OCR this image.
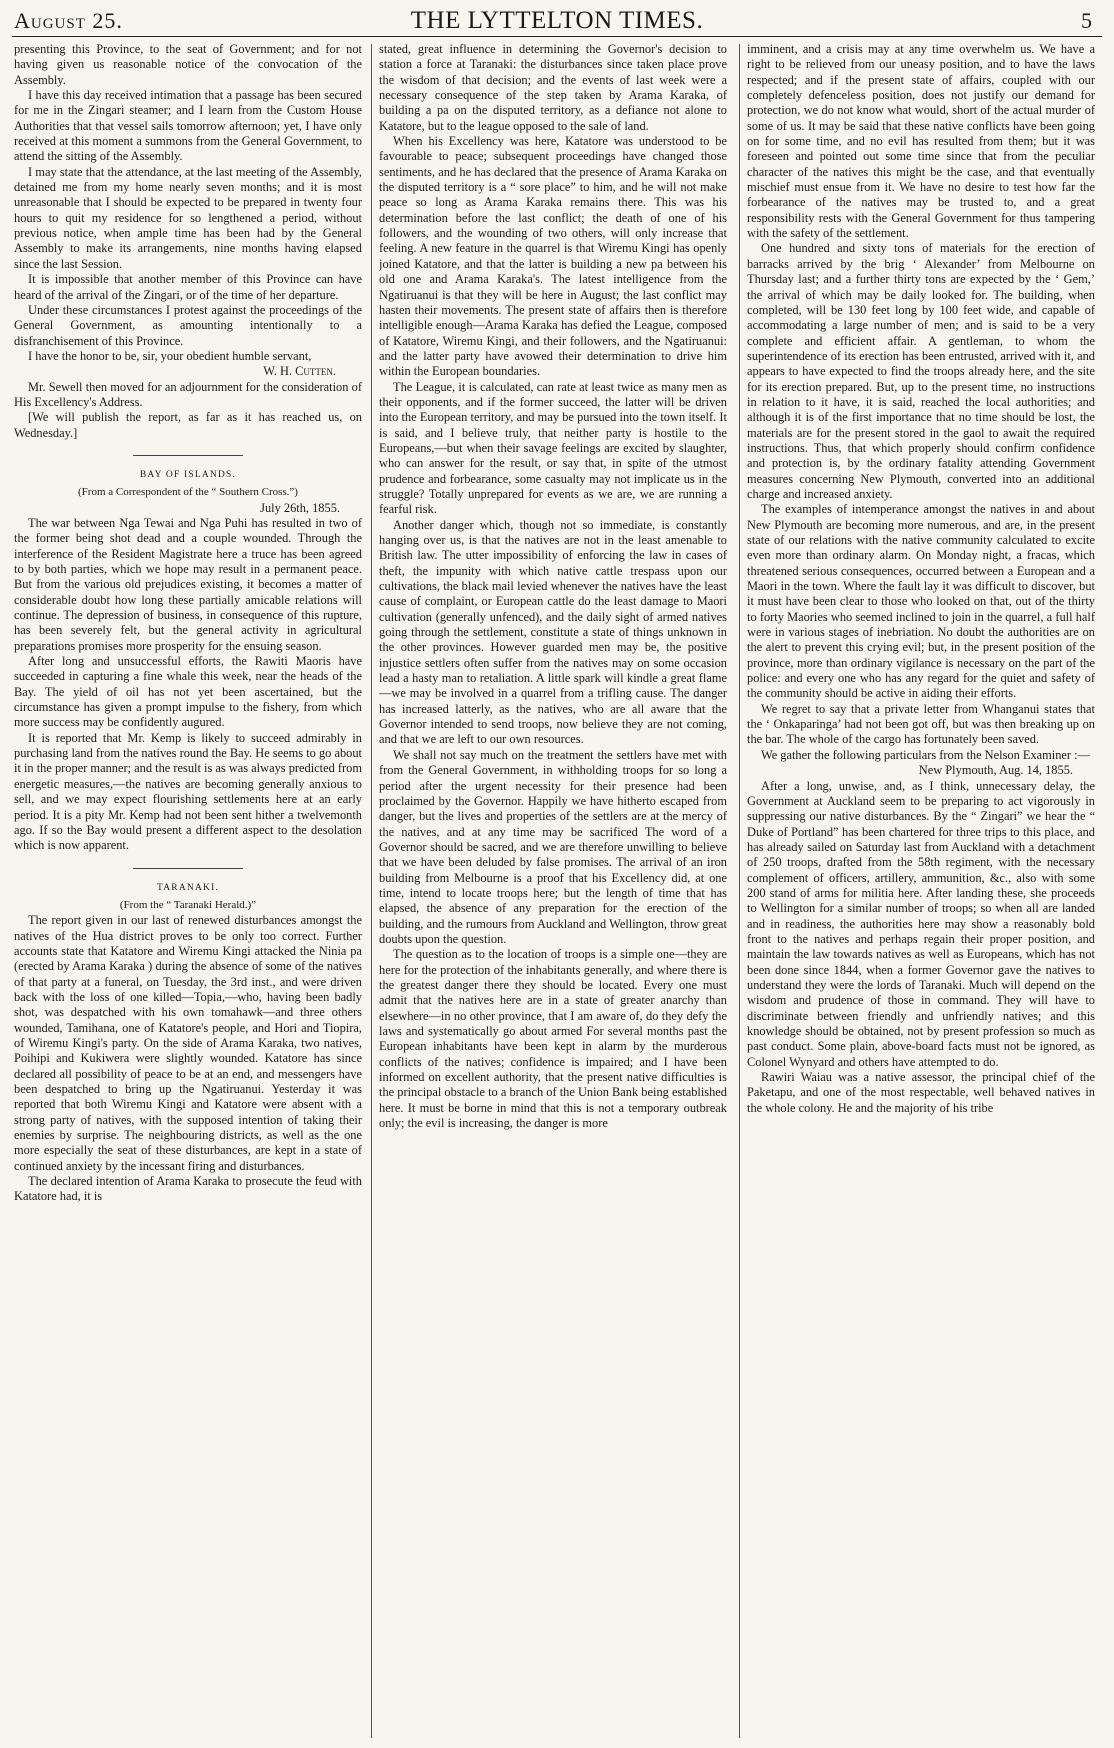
August 25.	THE LYTTELTON TIMES.	5

presenting this Province, to the seat of Government; and for not having given us reasonable notice of the convocation of the Assembly.

I have this day received intimation that a passage has been secured for me in the Zingari steamer; and I learn from the Custom House Authorities that that vessel sails tomorrow afternoon; yet, I have only received at this moment a summons from the General Government, to attend the sitting of the Assembly.

I may state that the attendance, at the last meeting of the Assembly, detained me from my home nearly seven months; and it is most unreasonable that I should be expected to be prepared in twenty four hours to quit my residence for so lengthened a period, without previous notice, when ample time has been had by the General Assembly to make its arrangements, nine months having elapsed since the last Session.

It is impossible that another member of this Province can have heard of the arrival of the Zingari, or of the time of her departure.

Under these circumstances I protest against the proceedings of the General Government, as amounting intentionally to a disfranchisement of this Province.

I have the honor to be, sir, your obedient humble servant,

W. H. Cutten.

Mr. Sewell then moved for an adjournment for the consideration of His Excellency's Address.

[We will publish the report, as far as it has reached us, on Wednesday.]

BAY OF ISLANDS.

(From a Correspondent of the “ Southern Cross.”)

July 26th, 1855.

The war between Nga Tewai and Nga Puhi has resulted in two of the former being shot dead and a couple wounded. Through the interference of the Resident Magistrate here a truce has been agreed to by both parties, which we hope may result in a permanent peace. But from the various old prejudices existing, it becomes a matter of considerable doubt how long these partially amicable relations will continue. The depression of business, in consequence of this rupture, has been severely felt, but the general activity in agricultural preparations promises more prosperity for the ensuing season.

After long and unsuccessful efforts, the Rawiti Maoris have succeeded in capturing a fine whale this week, near the heads of the Bay. The yield of oil has not yet been ascertained, but the circumstance has given a prompt impulse to the fishery, from which more success may be confidently augured.

It is reported that Mr. Kemp is likely to succeed admirably in purchasing land from the natives round the Bay. He seems to go about it in the proper manner; and the result is as was always predicted from energetic measures,—the natives are becoming generally anxious to sell, and we may expect flourishing settlements here at an early period. It is a pity Mr. Kemp had not been sent hither a twelvemonth ago. If so the Bay would present a different aspect to the desolation which is now apparent.

TARANAKI.

(From the “ Taranaki Herald.)”

The report given in our last of renewed disturbances amongst the natives of the Hua district proves to be only too correct. Further accounts state that Katatore and Wiremu Kingi attacked the Ninia pa (erected by Arama Karaka ) during the absence of some of the natives of that party at a funeral, on Tuesday, the 3rd inst., and were driven back with the loss of one killed—Topia,—who, having been badly shot, was despatched with his own tomahawk—and three others wounded, Tamihana, one of Katatore's people, and Hori and Tiopira, of Wiremu Kingi's party. On the side of Arama Karaka, two natives, Poihipi and Kukiwera were slightly wounded. Katatore has since declared all possibility of peace to be at an end, and messengers have been despatched to bring up the Ngatiruanui. Yesterday it was reported that both Wiremu Kingi and Katatore were absent with a strong party of natives, with the supposed intention of taking their enemies by surprise. The neighbouring districts, as well as the one more especially the seat of these disturbances, are kept in a state of continued anxiety by the incessant firing and disturbances.

The declared intention of Arama Karaka to prosecute the feud with Katatore had, it is

stated, great influence in determining the Governor's decision to station a force at Taranaki: the disturbances since taken place prove the wisdom of that decision; and the events of last week were a necessary consequence of the step taken by Arama Karaka, of building a pa on the disputed territory, as a defiance not alone to Katatore, but to the league opposed to the sale of land.

When his Excellency was here, Katatore was understood to be favourable to peace; subsequent proceedings have changed those sentiments, and he has declared that the presence of Arama Karaka on the disputed territory is a “ sore place” to him, and he will not make peace so long as Arama Karaka remains there. This was his determination before the last conflict; the death of one of his followers, and the wounding of two others, will only increase that feeling. A new feature in the quarrel is that Wiremu Kingi has openly joined Katatore, and that the latter is building a new pa between his old one and Arama Karaka's. The latest intelligence from the Ngatiruanui is that they will be here in August; the last conflict may hasten their movements. The present state of affairs then is therefore intelligible enough—Arama Karaka has defied the League, composed of Katatore, Wiremu Kingi, and their followers, and the Ngatiruanui: and the latter party have avowed their determination to drive him within the European boundaries.

The League, it is calculated, can rate at least twice as many men as their opponents, and if the former succeed, the latter will be driven into the European territory, and may be pursued into the town itself. It is said, and I believe truly, that neither party is hostile to the Europeans,—but when their savage feelings are excited by slaughter, who can answer for the result, or say that, in spite of the utmost prudence and forbearance, some casualty may not implicate us in the struggle? Totally unprepared for events as we are, we are running a fearful risk.

Another danger which, though not so immediate, is constantly hanging over us, is that the natives are not in the least amenable to British law. The utter impossibility of enforcing the law in cases of theft, the impunity with which native cattle trespass upon our cultivations, the black mail levied whenever the natives have the least cause of complaint, or European cattle do the least damage to Maori cultivation (generally unfenced), and the daily sight of armed natives going through the settlement, constitute a state of things unknown in the other provinces. However guarded men may be, the positive injustice settlers often suffer from the natives may on some occasion lead a hasty man to retaliation. A little spark will kindle a great flame—we may be involved in a quarrel from a trifling cause. The danger has increased latterly, as the natives, who are all aware that the Governor intended to send troops, now believe they are not coming, and that we are left to our own resources.

We shall not say much on the treatment the settlers have met with from the General Government, in withholding troops for so long a period after the urgent necessity for their presence had been proclaimed by the Governor. Happily we have hitherto escaped from danger, but the lives and properties of the settlers are at the mercy of the natives, and at any time may be sacrificed The word of a Governor should be sacred, and we are therefore unwilling to believe that we have been deluded by false promises. The arrival of an iron building from Melbourne is a proof that his Excellency did, at one time, intend to locate troops here; but the length of time that has elapsed, the absence of any preparation for the erection of the building, and the rumours from Auckland and Wellington, throw great doubts upon the question.

The question as to the location of troops is a simple one—they are here for the protection of the inhabitants generally, and where there is the greatest danger there they should be located. Every one must admit that the natives here are in a state of greater anarchy than elsewhere—in no other province, that I am aware of, do they defy the laws and systematically go about armed For several months past the European inhabitants have been kept in alarm by the murderous conflicts of the natives; confidence is impaired; and I have been informed on excellent authority, that the present native difficulties is the principal obstacle to a branch of the Union Bank being established here. It must be borne in mind that this is not a temporary outbreak only; the evil is increasing, the danger is more

imminent, and a crisis may at any time overwhelm us. We have a right to be relieved from our uneasy position, and to have the laws respected; and if the present state of affairs, coupled with our completely defenceless position, does not justify our demand for protection, we do not know what would, short of the actual murder of some of us. It may be said that these native conflicts have been going on for some time, and no evil has resulted from them; but it was foreseen and pointed out some time since that from the peculiar character of the natives this might be the case, and that eventually mischief must ensue from it. We have no desire to test how far the forbearance of the natives may be trusted to, and a great responsibility rests with the General Government for thus tampering with the safety of the settlement.

One hundred and sixty tons of materials for the erection of barracks arrived by the brig ‘ Alexander’ from Melbourne on Thursday last; and a further thirty tons are expected by the ‘ Gem,’ the arrival of which may be daily looked for. The building, when completed, will be 130 feet long by 100 feet wide, and capable of accommodating a large number of men; and is said to be a very complete and efficient affair. A gentleman, to whom the superintendence of its erection has been entrusted, arrived with it, and appears to have expected to find the troops already here, and the site for its erection prepared. But, up to the present time, no instructions in relation to it have, it is said, reached the local authorities; and although it is of the first importance that no time should be lost, the materials are for the present stored in the gaol to await the required instructions. Thus, that which properly should confirm confidence and protection is, by the ordinary fatality attending Government measures concerning New Plymouth, converted into an additional charge and increased anxiety.

The examples of intemperance amongst the natives in and about New Plymouth are becoming more numerous, and are, in the present state of our relations with the native community calculated to excite even more than ordinary alarm. On Monday night, a fracas, which threatened serious consequences, occurred between a European and a Maori in the town. Where the fault lay it was difficult to discover, but it must have been clear to those who looked on that, out of the thirty to forty Maories who seemed inclined to join in the quarrel, a full half were in various stages of inebriation. No doubt the authorities are on the alert to prevent this crying evil; but, in the present position of the province, more than ordinary vigilance is necessary on the part of the police: and every one who has any regard for the quiet and safety of the community should be active in aiding their efforts.

We regret to say that a private letter from Whanganui states that the ‘ Onkaparinga’ had not been got off, but was then breaking up on the bar. The whole of the cargo has fortunately been saved.

We gather the following particulars from the Nelson Examiner :—

New Plymouth, Aug. 14, 1855.

After a long, unwise, and, as I think, unnecessary delay, the Government at Auckland seem to be preparing to act vigorously in suppressing our native disturbances. By the “ Zingari” we hear the “ Duke of Portland” has been chartered for three trips to this place, and has already sailed on Saturday last from Auckland with a detachment of 250 troops, drafted from the 58th regiment, with the necessary complement of officers, artillery, ammunition, &c., also with some 200 stand of arms for militia here. After landing these, she proceeds to Wellington for a similar number of troops; so when all are landed and in readiness, the authorities here may show a reasonably bold front to the natives and perhaps regain their proper position, and maintain the law towards natives as well as Europeans, which has not been done since 1844, when a former Governor gave the natives to understand they were the lords of Taranaki. Much will depend on the wisdom and prudence of those in command. They will have to discriminate between friendly and unfriendly natives; and this knowledge should be obtained, not by present profession so much as past conduct. Some plain, above-board facts must not be ignored, as Colonel Wynyard and others have attempted to do.

Rawiri Waiau was a native assessor, the principal chief of the Paketapu, and one of the most respectable, well behaved natives in the whole colony. He and the majority of his tribe
